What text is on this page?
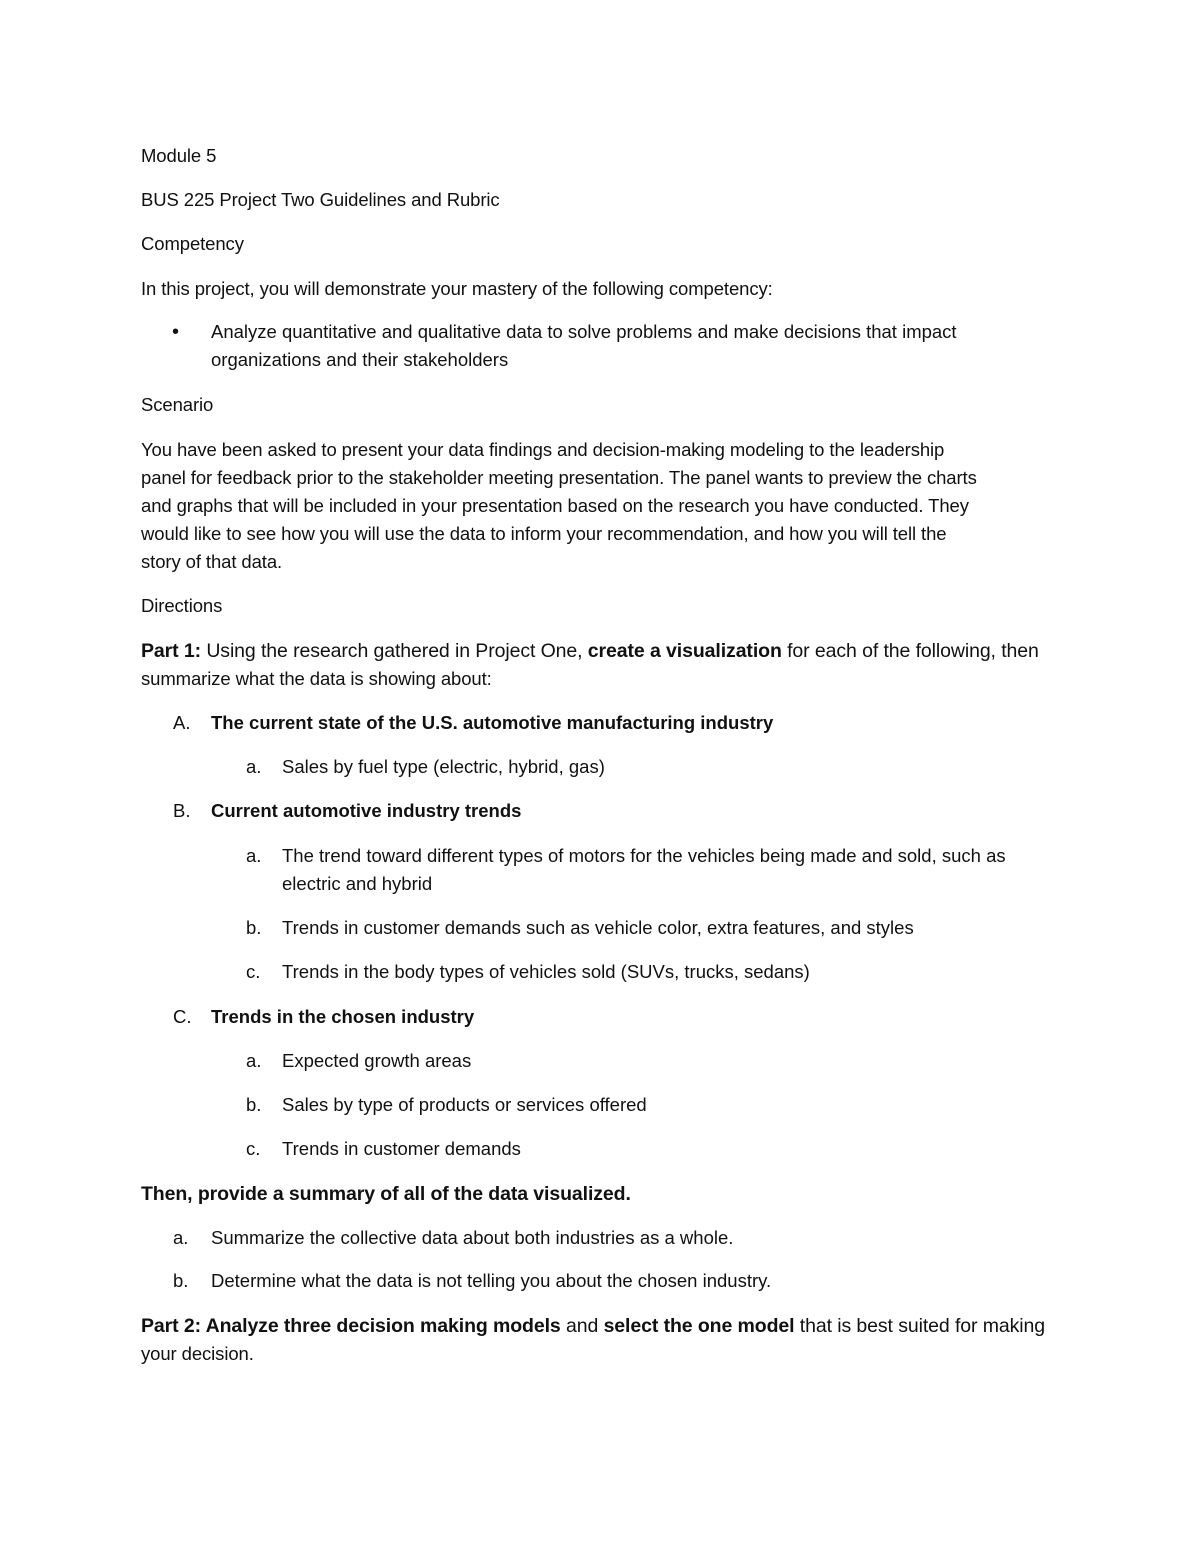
Module 5
BUS 225 Project Two Guidelines and Rubric
Competency
In this project, you will demonstrate your mastery of the following competency:
• Analyze quantitative and qualitative data to solve problems and make decisions that impact
organizations and their stakeholders
Scenario
You have been asked to present your data findings and decision-making modeling to the leadership
panel for feedback prior to the stakeholder meeting presentation. The panel wants to preview the charts
and graphs that will be included in your presentation based on the research you have conducted. They
would like to see how you will use the data to inform your recommendation, and how you will tell the
story of that data.
Directions
Part 1: Using the research gathered in Project One, create a visualization for each of the following, then
summarize what the data is showing about:
A. The current state of the U.S. automotive manufacturing industry
a. Sales by fuel type (electric, hybrid, gas)
B. Current automotive industry trends
a. The trend toward different types of motors for the vehicles being made and sold, such as
electric and hybrid
b. Trends in customer demands such as vehicle color, extra features, and styles
c. Trends in the body types of vehicles sold (SUVs, trucks, sedans)
C. Trends in the chosen industry
a. Expected growth areas
b. Sales by type of products or services offered
c. Trends in customer demands
Then, provide a summary of all of the data visualized.
a. Summarize the collective data about both industries as a whole.
b. Determine what the data is not telling you about the chosen industry.
Part 2: Analyze three decision making models and select the one model that is best suited for making
your decision.
